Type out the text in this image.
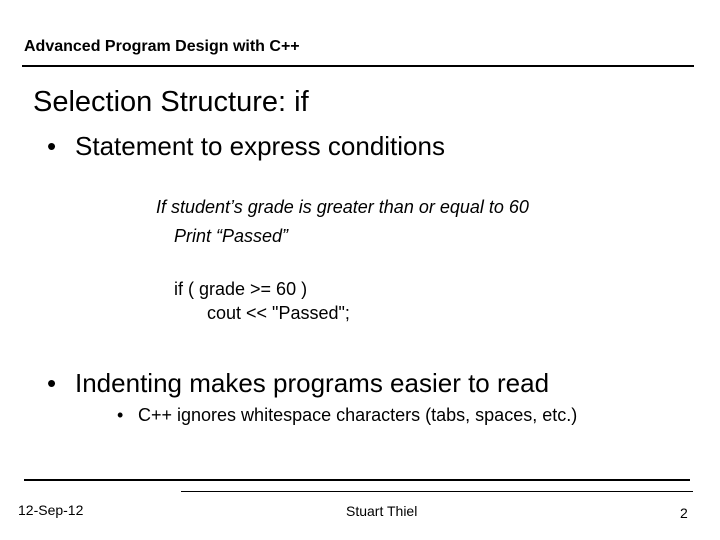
Advanced Program Design with C++
Selection Structure: if
• Statement to express conditions
If student’s grade is greater than or equal to 60
Print “Passed”
if ( grade >= 60 )
cout << "Passed";
• Indenting makes programs easier to read
• C++ ignores whitespace characters (tabs, spaces, etc.)
12-Sep-12	Stuart Thiel	2
